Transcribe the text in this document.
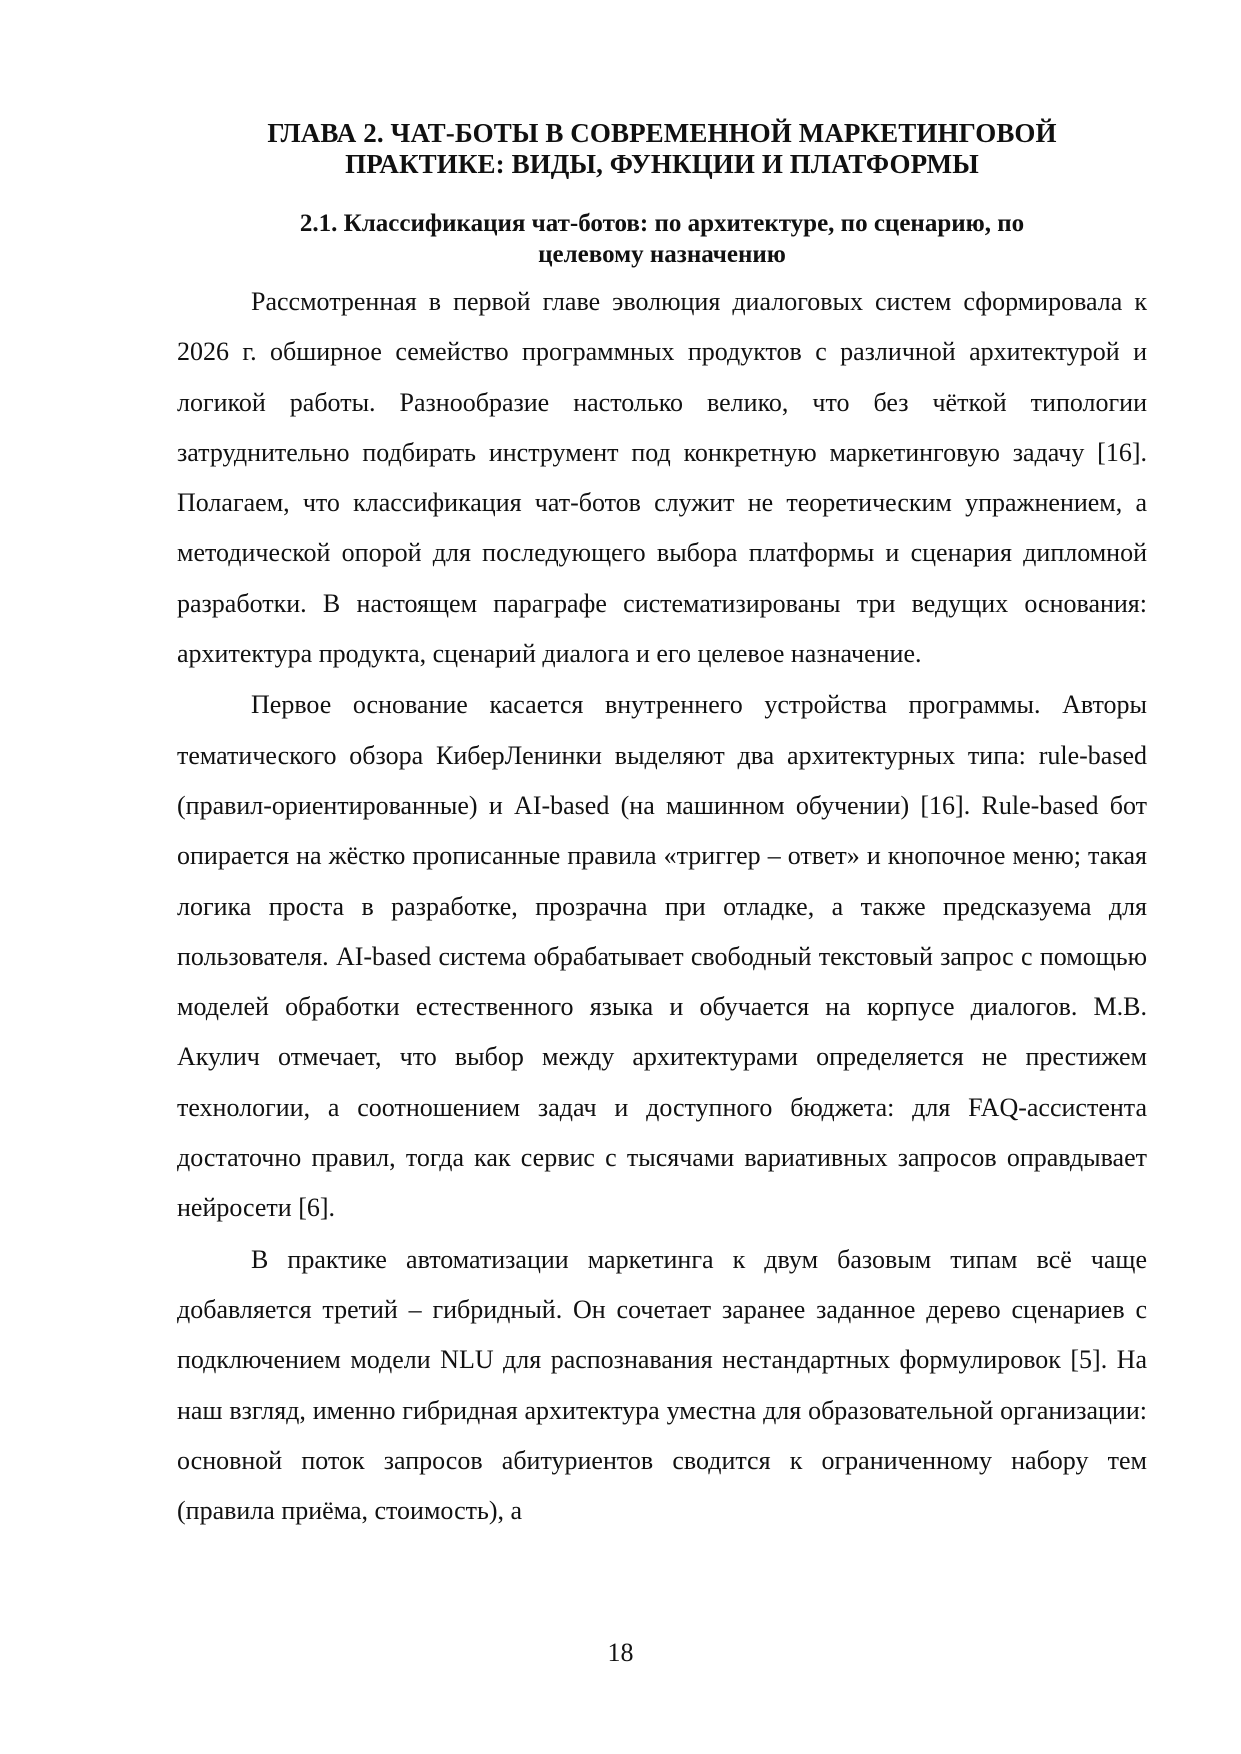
ГЛАВА 2. ЧАТ-БОТЫ В СОВРЕМЕННОЙ МАРКЕТИНГОВОЙ
ПРАКТИКЕ: ВИДЫ, ФУНКЦИИ И ПЛАТФОРМЫ
2.1. Классификация чат-ботов: по архитектуре, по сценарию, по
целевому назначению

Рассмотренная в первой главе эволюция диалоговых систем сформировала к 2026 г. обширное семейство программных продуктов с различной архитектурой и логикой работы. Разнообразие настолько велико, что без чёткой типологии затруднительно подбирать инструмент под конкретную маркетинговую задачу [16]. Полагаем, что классификация чат-ботов служит не теоретическим упражнением, а методической опорой для последующего выбора платформы и сценария дипломной разработки. В настоящем параграфе систематизированы три ведущих основания: архитектура продукта, сценарий диалога и его целевое назначение.

Первое основание касается внутреннего устройства программы. Авторы тематического обзора КиберЛенинки выделяют два архитектурных типа: rule-based (правил-ориентированные) и AI-based (на машинном обучении) [16]. Rule-based бот опирается на жёстко прописанные правила «триггер – ответ» и кнопочное меню; такая логика проста в разработке, прозрачна при отладке, а также предсказуема для пользователя. AI-based система обрабатывает свободный текстовый запрос с помощью моделей обработки естественного языка и обучается на корпусе диалогов. М.В. Акулич отмечает, что выбор между архитектурами определяется не престижем технологии, а соотношением задач и доступного бюджета: для FAQ-ассистента достаточно правил, тогда как сервис с тысячами вариативных запросов оправдывает нейросети [6].

В практике автоматизации маркетинга к двум базовым типам всё чаще добавляется третий – гибридный. Он сочетает заранее заданное дерево сценариев с подключением модели NLU для распознавания нестандартных формулировок [5]. На наш взгляд, именно гибридная архитектура уместна для образовательной организации: основной поток запросов абитуриентов сводится к ограниченному набору тем (правила приёма, стоимость), а

18
